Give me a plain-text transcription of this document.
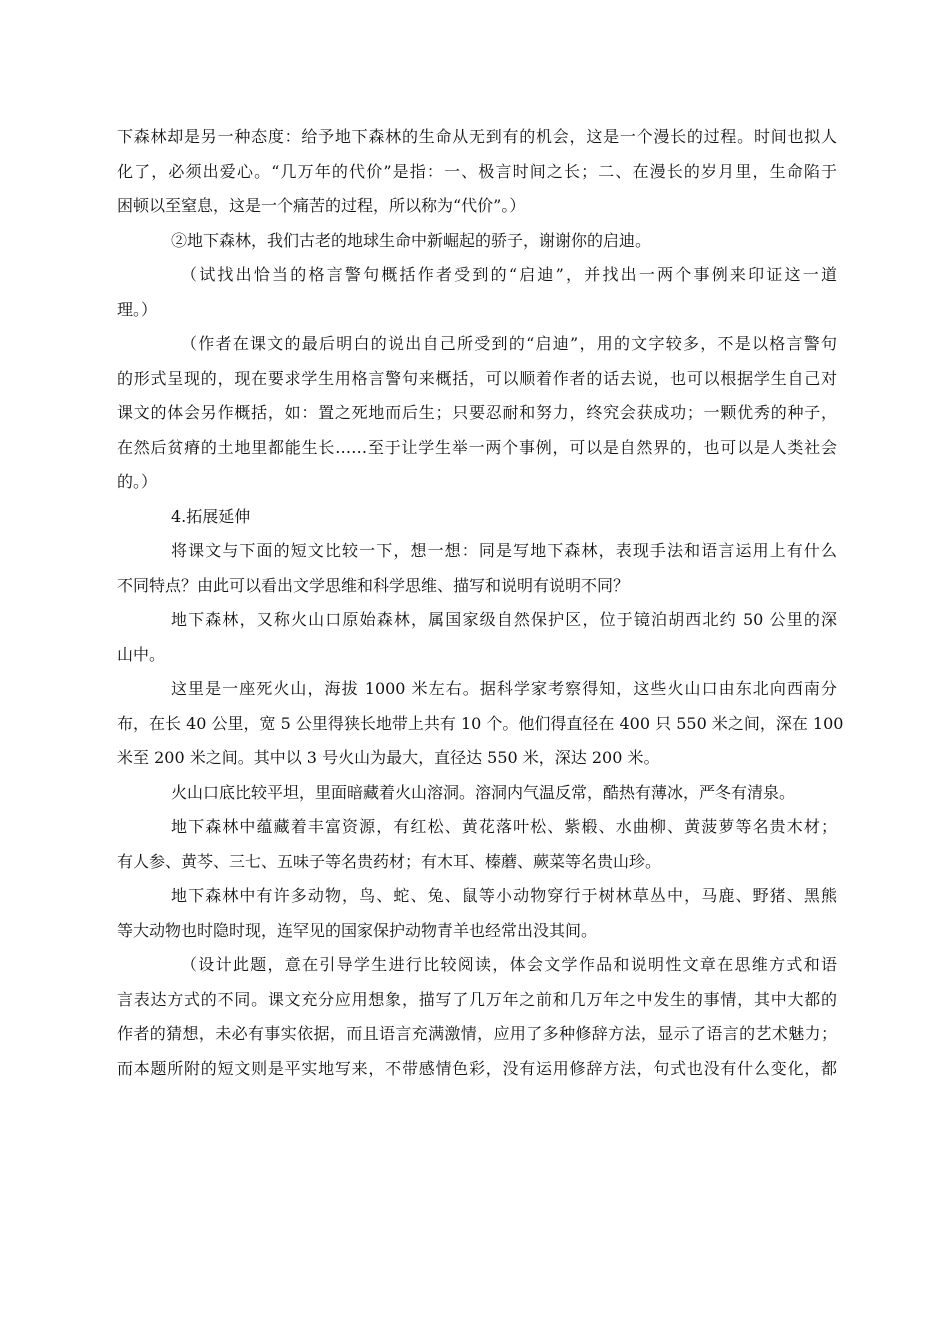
下森林却是另一种态度：给予地下森林的生命从无到有的机会，这是一个漫长的过程。时间也拟人
化了，必须出爱心。“几万年的代价”是指：一、极言时间之长；二、在漫长的岁月里，生命陷于
困顿以至窒息，这是一个痛苦的过程，所以称为“代价”。）
②地下森林，我们古老的地球生命中新崛起的骄子，谢谢你的启迪。
（试找出恰当的格言警句概括作者受到的“启迪”，并找出一两个事例来印证这一道
理。）
（作者在课文的最后明白的说出自己所受到的“启迪”，用的文字较多，不是以格言警句
的形式呈现的，现在要求学生用格言警句来概括，可以顺着作者的话去说，也可以根据学生自己对
课文的体会另作概括，如：置之死地而后生；只要忍耐和努力，终究会获成功；一颗优秀的种子，
在然后贫瘠的土地里都能生长……至于让学生举一两个事例，可以是自然界的，也可以是人类社会
的。）
4.拓展延伸
将课文与下面的短文比较一下，想一想：同是写地下森林，表现手法和语言运用上有什么
不同特点？由此可以看出文学思维和科学思维、描写和说明有说明不同？
地下森林，又称火山口原始森林，属国家级自然保护区，位于镜泊胡西北约 50 公里的深
山中。
这里是一座死火山，海拔 1000 米左右。据科学家考察得知，这些火山口由东北向西南分
布，在长 40 公里，宽 5 公里得狭长地带上共有 10 个。他们得直径在 400 只 550 米之间，深在 100
米至 200 米之间。其中以 3 号火山为最大，直径达 550 米，深达 200 米。
火山口底比较平坦，里面暗藏着火山溶洞。溶洞内气温反常，酷热有薄冰，严冬有清泉。
地下森林中蕴藏着丰富资源，有红松、黄花落叶松、紫椴、水曲柳、黄菠萝等名贵木材；
有人参、黄芩、三七、五味子等名贵药材；有木耳、榛蘑、蕨菜等名贵山珍。
地下森林中有许多动物，鸟、蛇、兔、鼠等小动物穿行于树林草丛中，马鹿、野猪、黑熊
等大动物也时隐时现，连罕见的国家保护动物青羊也经常出没其间。
（设计此题，意在引导学生进行比较阅读，体会文学作品和说明性文章在思维方式和语
言表达方式的不同。课文充分应用想象，描写了几万年之前和几万年之中发生的事情，其中大都的
作者的猜想，未必有事实依据，而且语言充满激情，应用了多种修辞方法，显示了语言的艺术魅力；
而本题所附的短文则是平实地写来，不带感情色彩，没有运用修辞方法，句式也没有什么变化，都
